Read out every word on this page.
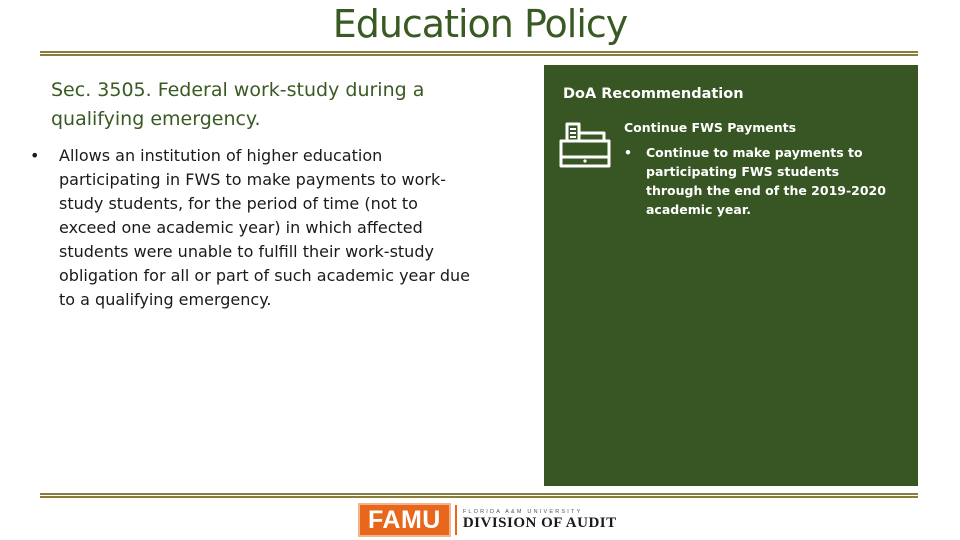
Education Policy
Sec. 3505. Federal work-study during a qualifying emergency.
• Allows an institution of higher education participating in FWS to make payments to work-study students, for the period of time (not to exceed one academic year) in which affected students were unable to fulfill their work-study obligation for all or part of such academic year due to a qualifying emergency.
DoA Recommendation
Continue FWS Payments
• Continue to make payments to participating FWS students through the end of the 2019-2020 academic year.
FAMU	FLORIDA A&M UNIVERSITY
DIVISION OF AUDIT
